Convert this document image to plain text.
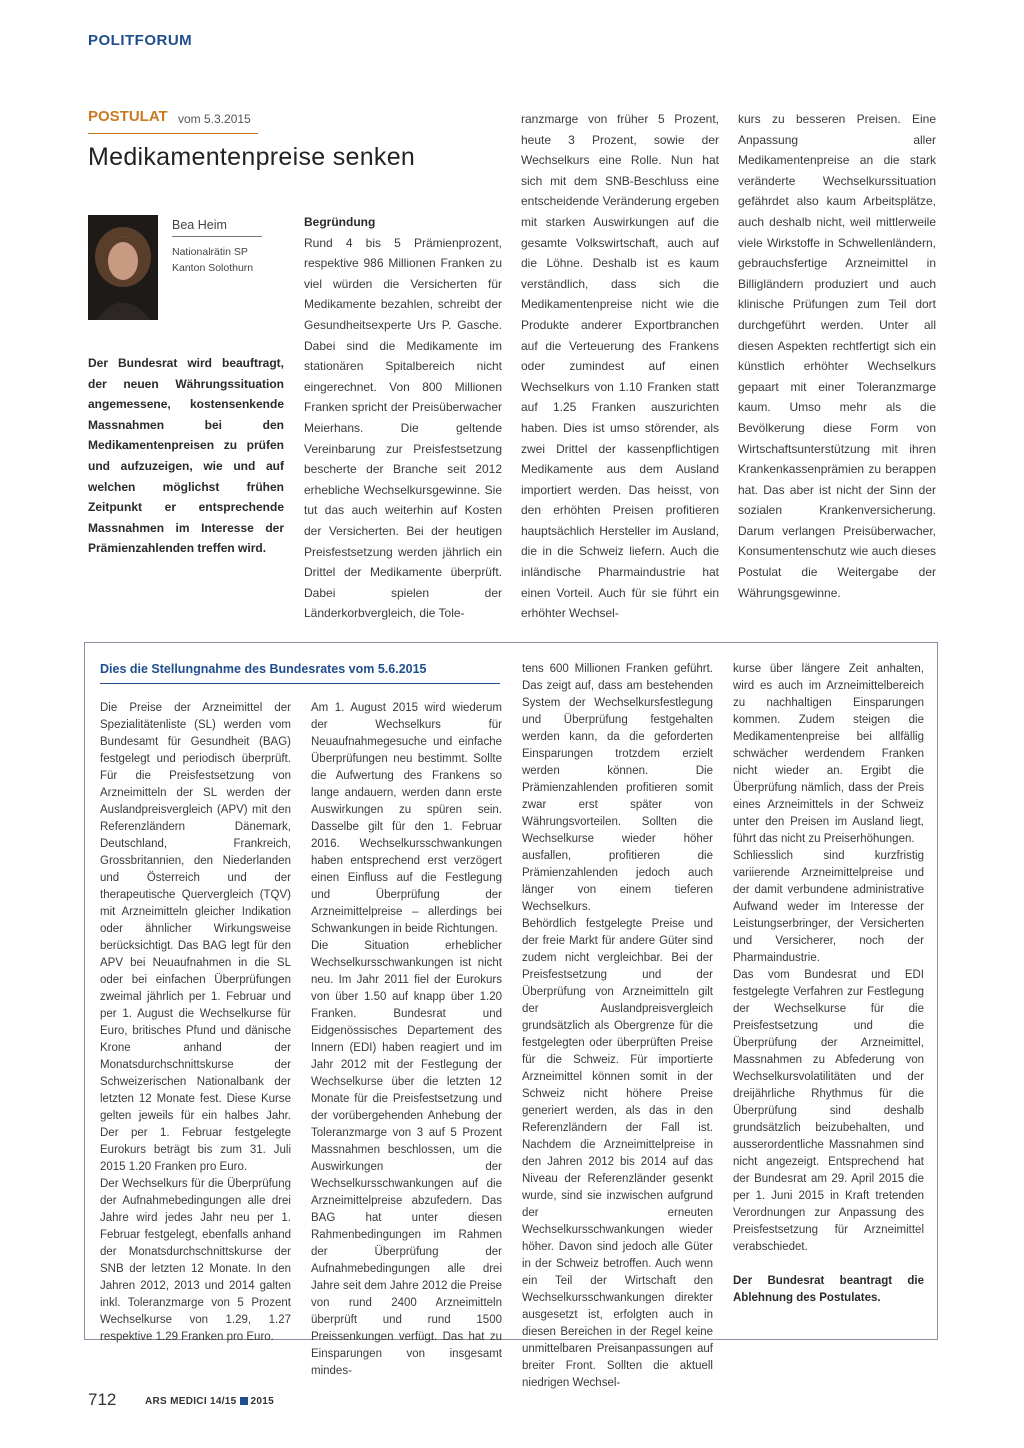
POLITFORUM
POSTULAT vom 5.3.2015
Medikamentenpreise senken
Bea Heim
Nationalrätin SP
Kanton Solothurn
Der Bundesrat wird beauftragt, der neuen Währungssituation angemessene, kostensenkende Massnahmen bei den Medikamentenpreisen zu prüfen und aufzuzeigen, wie und auf welchen möglichst frühen Zeitpunkt er entsprechende Massnahmen im Interesse der Prämienzahlenden treffen wird.
Begründung

Rund 4 bis 5 Prämienprozent, respektive 986 Millionen Franken zu viel würden die Versicherten für Medikamente bezahlen, schreibt der Gesundheitsexperte Urs P. Gasche. Dabei sind die Medikamente im stationären Spitalbereich nicht eingerechnet. Von 800 Millionen Franken spricht der Preisüberwacher Meierhans. Die geltende Vereinbarung zur Preisfestsetzung bescherte der Branche seit 2012 erhebliche Wechselkursgewinne. Sie tut das auch weiterhin auf Kosten der Versicherten. Bei der heutigen Preisfestsetzung werden jährlich ein Drittel der Medikamente überprüft. Dabei spielen der Länderkorbvergleich, die Tole-

ranzmarge von früher 5 Prozent, heute 3 Prozent, sowie der Wechselkurs eine Rolle. Nun hat sich mit dem SNB-Beschluss eine entscheidende Veränderung ergeben mit starken Auswirkungen auf die gesamte Volkswirtschaft, auch auf die Löhne. Deshalb ist es kaum verständlich, dass sich die Medikamentenpreise nicht wie die Produkte anderer Exportbranchen auf die Verteuerung des Frankens oder zumindest auf einen Wechselkurs von 1.10 Franken statt auf 1.25 Franken auszurichten haben. Dies ist umso störender, als zwei Drittel der kassenpflichtigen Medikamente aus dem Ausland importiert werden. Das heisst, von den erhöhten Preisen profitieren hauptsächlich Hersteller im Ausland, die in die Schweiz liefern. Auch die inländische Pharmaindustrie hat einen Vorteil. Auch für sie führt ein erhöhter Wechsel-
kurs zu besseren Preisen. Eine Anpassung aller Medikamentenpreise an die stark veränderte Wechselkurssituation gefährdet also kaum Arbeitsplätze, auch deshalb nicht, weil mittlerweile viele Wirkstoffe in Schwellenländern, gebrauchsfertige Arzneimittel in Billigländern produziert und auch klinische Prüfungen zum Teil dort durchgeführt werden. Unter all diesen Aspekten rechtfertigt sich ein künstlich erhöhter Wechselkurs gepaart mit einer Toleranzmarge kaum. Umso mehr als die Bevölkerung diese Form von Wirtschaftsunterstützung mit ihren Krankenkassenprämien zu berappen hat. Das aber ist nicht der Sinn der sozialen Krankenversicherung. Darum verlangen Preisüberwacher, Konsumentenschutz wie auch dieses Postulat die Weitergabe der Währungsgewinne.
Dies die Stellungnahme des Bundesrates vom 5.6.2015

Die Preise der Arzneimittel der Spezialitätenliste (SL) werden vom Bundesamt für Gesundheit (BAG) festgelegt und periodisch überprüft. Für die Preisfestsetzung von Arzneimitteln der SL werden der Auslandpreisvergleich (APV) mit den Referenzländern Dänemark, Deutschland, Frankreich, Grossbritannien, den Niederlanden und Österreich und der therapeutische Quervergleich (TQV) mit Arzneimitteln gleicher Indikation oder ähnlicher Wirkungsweise berücksichtigt. Das BAG legt für den APV bei Neuaufnahmen in die SL oder bei einfachen Überprüfungen zweimal jährlich per 1. Februar und per 1. August die Wechselkurse für Euro, britisches Pfund und dänische Krone anhand der Monatsdurchschnittskurse der Schweizerischen Nationalbank der letzten 12 Monate fest. Diese Kurse gelten jeweils für ein halbes Jahr. Der per 1. Februar festgelegte Eurokurs beträgt bis zum 31. Juli 2015 1.20 Franken pro Euro.

Der Wechselkurs für die Überprüfung der Aufnahmebedingungen alle drei Jahre wird jedes Jahr neu per 1. Februar festgelegt, ebenfalls anhand der Monatsdurchschnittskurse der SNB der letzten 12 Monate. In den Jahren 2012, 2013 und 2014 galten inkl. Toleranzmarge von 5 Prozent Wechselkurse von 1.29, 1.27 respektive 1.29 Franken pro Euro.

Am 1. August 2015 wird wiederum der Wechselkurs für Neuaufnahmegesuche und einfache Überprüfungen neu bestimmt. Sollte die Aufwertung des Frankens so lange andauern, werden dann erste Auswirkungen zu spüren sein. Dasselbe gilt für den 1. Februar 2016. Wechselkursschwankungen haben entsprechend erst verzögert einen Einfluss auf die Festlegung und Überprüfung der Arzneimittelpreise – allerdings bei Schwankungen in beide Richtungen.

Die Situation erheblicher Wechselkursschwankungen ist nicht neu. Im Jahr 2011 fiel der Eurokurs von über 1.50 auf knapp über 1.20 Franken. Bundesrat und Eidgenössisches Departement des Innern (EDI) haben reagiert und im Jahr 2012 mit der Festlegung der Wechselkurse über die letzten 12 Monate für die Preisfestsetzung und der vorübergehenden Anhebung der Toleranzmarge von 3 auf 5 Prozent Massnahmen beschlossen, um die Auswirkungen der Wechselkursschwankungen auf die Arzneimittelpreise abzufedern. Das BAG hat unter diesen Rahmenbedingungen im Rahmen der Überprüfung der Aufnahmebedingungen alle drei Jahre seit dem Jahre 2012 die Preise von rund 2400 Arzneimitteln überprüft und rund 1500 Preissenkungen verfügt. Das hat zu Einsparungen von insgesamt mindes-

tens 600 Millionen Franken geführt. Das zeigt auf, dass am bestehenden System der Wechselkursfestlegung und Überprüfung festgehalten werden kann, da die geforderten Einsparungen trotzdem erzielt werden können. Die Prämienzahlenden profitieren somit zwar erst später von Währungsvorteilen. Sollten die Wechselkurse wieder höher ausfallen, profitieren die Prämienzahlenden jedoch auch länger von einem tieferen Wechselkurs.

Behördlich festgelegte Preise und der freie Markt für andere Güter sind zudem nicht vergleichbar. Bei der Preisfestsetzung und der Überprüfung von Arzneimitteln gilt der Auslandpreisvergleich grundsätzlich als Obergrenze für die festgelegten oder überprüften Preise für die Schweiz. Für importierte Arzneimittel können somit in der Schweiz nicht höhere Preise generiert werden, als das in den Referenzländern der Fall ist. Nachdem die Arzneimittelpreise in den Jahren 2012 bis 2014 auf das Niveau der Referenzländer gesenkt wurde, sind sie inzwischen aufgrund der erneuten Wechselkursschwankungen wieder höher. Davon sind jedoch alle Güter in der Schweiz betroffen. Auch wenn ein Teil der Wirtschaft den Wechselkursschwankungen direkter ausgesetzt ist, erfolgten auch in diesen Bereichen in der Regel keine unmittelbaren Preisanpassungen auf breiter Front. Sollten die aktuell niedrigen Wechsel-

kurse über längere Zeit anhalten, wird es auch im Arzneimittelbereich zu nachhaltigen Einsparungen kommen. Zudem steigen die Medikamentenpreise bei allfällig schwächer werdendem Franken nicht wieder an. Ergibt die Überprüfung nämlich, dass der Preis eines Arzneimittels in der Schweiz unter den Preisen im Ausland liegt, führt das nicht zu Preiserhöhungen.

Schliesslich sind kurzfristig variierende Arzneimittelpreise und der damit verbundene administrative Aufwand weder im Interesse der Leistungserbringer, der Versicherten und Versicherer, noch der Pharmaindustrie.

Das vom Bundesrat und EDI festgelegte Verfahren zur Festlegung der Wechselkurse für die Preisfestsetzung und die Überprüfung der Arzneimittel, Massnahmen zu Abfederung von Wechselkursvolatilitäten und der dreijährliche Rhythmus für die Überprüfung sind deshalb grundsätzlich beizubehalten, und ausserordentliche Massnahmen sind nicht angezeigt. Entsprechend hat der Bundesrat am 29. April 2015 die per 1. Juni 2015 in Kraft tretenden Verordnungen zur Anpassung des Preisfestsetzung für Arzneimittel verabschiedet.

Der Bundesrat beantragt die Ablehnung des Postulates.

712	ARS MEDICI 14/15 2015
